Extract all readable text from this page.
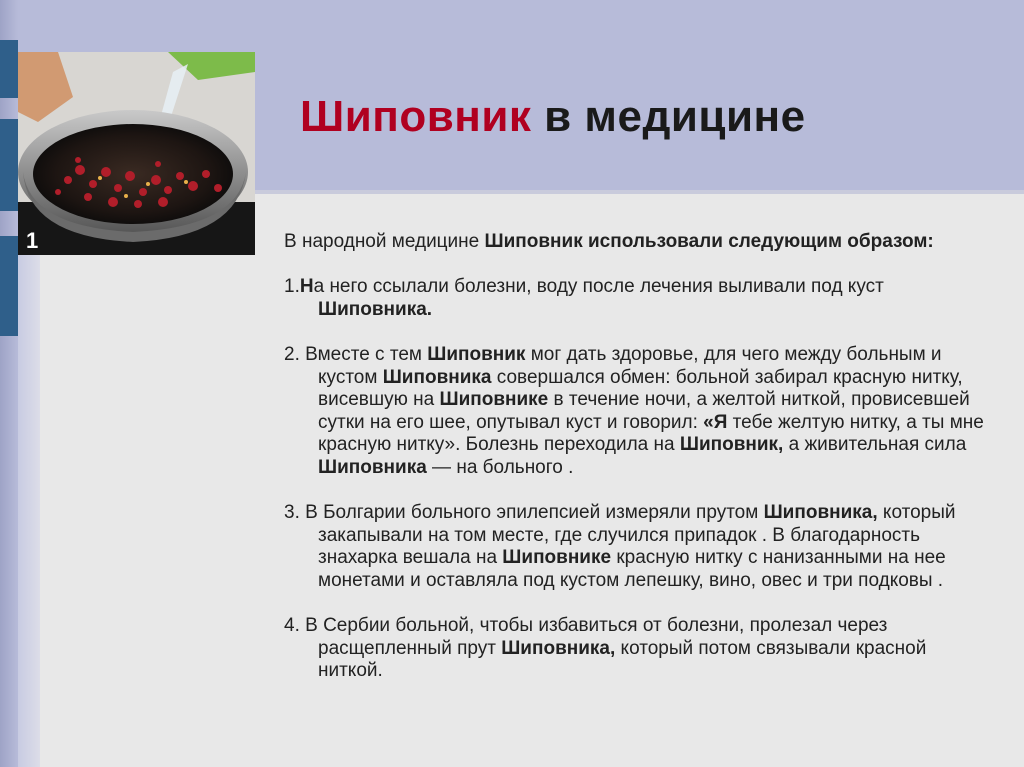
1
Шиповник в медицине

В народной медицине Шиповник использовали следующим образом:

1.На него ссылали болезни, воду после лечения выливали под куст Шиповника.

2. Вместе с тем Шиповник мог дать здоровье, для чего между больным и кустом Шиповника совершался обмен: больной забирал красную нитку, висевшую на Шиповнике в течение ночи, а желтой ниткой, провисевшей сутки на его шее, опутывал куст и говорил: «Я тебе желтую нитку, а ты мне красную нитку». Болезнь переходила на Шиповник, а живительная сила Шиповника — на больного .

3. В Болгарии больного эпилепсией измеряли прутом Шиповника, который закапывали на том месте, где случился припадок . В благодарность знахарка вешала на Шиповнике красную нитку с нанизанными на нее монетами и оставляла под кустом лепешку, вино, овес и три подковы .

4. В Сербии больной, чтобы избавиться от болезни, пролезал через расщепленный прут Шиповника, который потом связывали красной ниткой.
